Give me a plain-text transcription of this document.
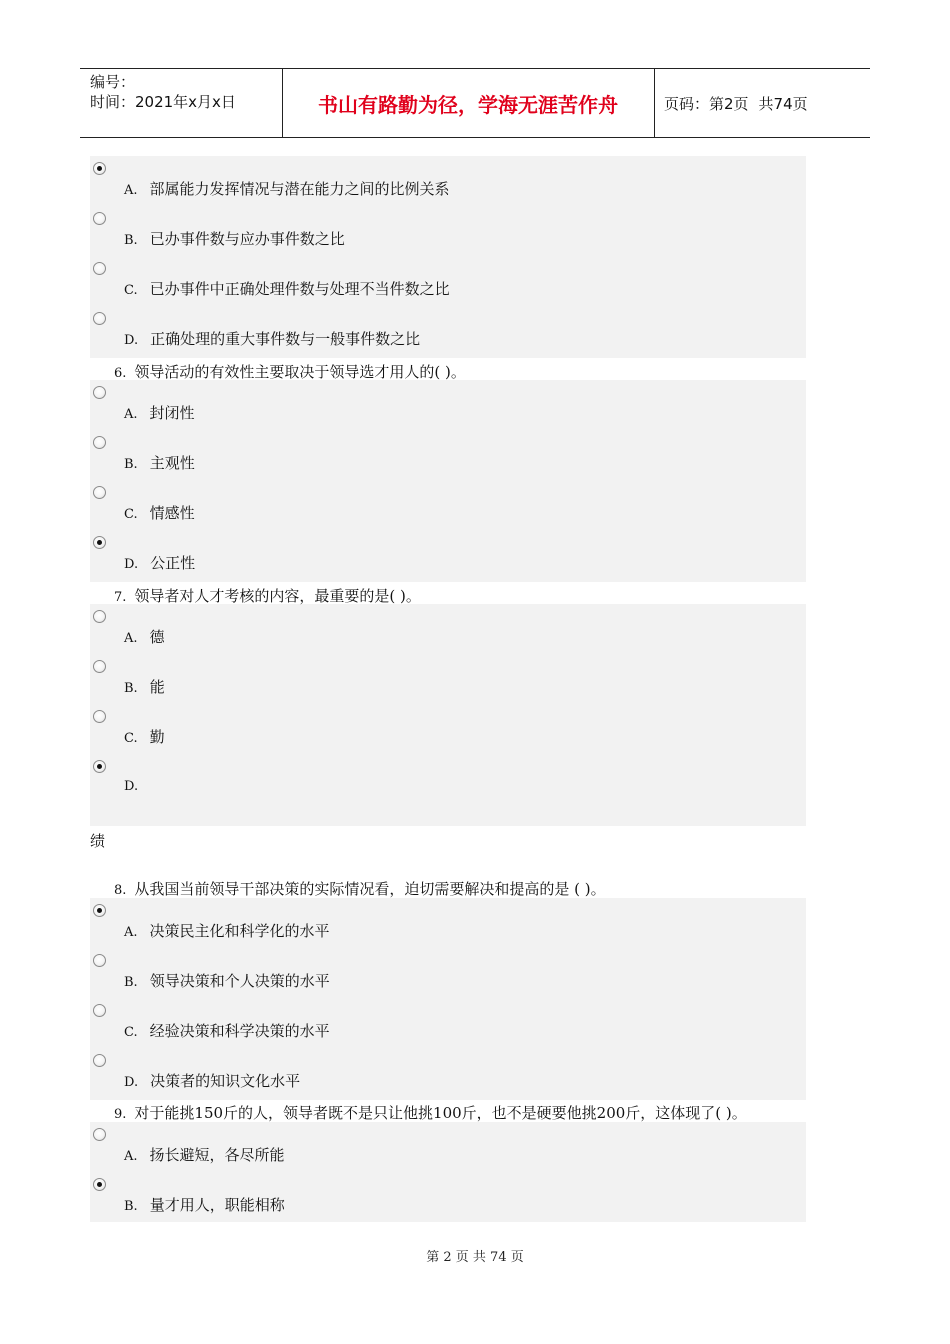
编号：
时间：2021年x月x日	书山有路勤为径，学海无涯苦作舟	页码：第2页 共74页
A. 部属能力发挥情况与潜在能力之间的比例关系
B. 已办事件数与应办事件数之比
C. 已办事件中正确处理件数与处理不当件数之比
D. 正确处理的重大事件数与一般事件数之比
6. 领导活动的有效性主要取决于领导选才用人的( )。
A. 封闭性
B. 主观性
C. 情感性
D. 公正性
7. 领导者对人才考核的内容，最重要的是( )。
A. 德
B. 能
C. 勤
D.
绩
8. 从我国当前领导干部决策的实际情况看，迫切需要解决和提高的是 ( )。
A. 决策民主化和科学化的水平
B. 领导决策和个人决策的水平
C. 经验决策和科学决策的水平
D. 决策者的知识文化水平
9. 对于能挑150斤的人，领导者既不是只让他挑100斤，也不是硬要他挑200斤，这体现了( )。
A. 扬长避短，各尽所能
B. 量才用人，职能相称
第 2 页 共 74 页
